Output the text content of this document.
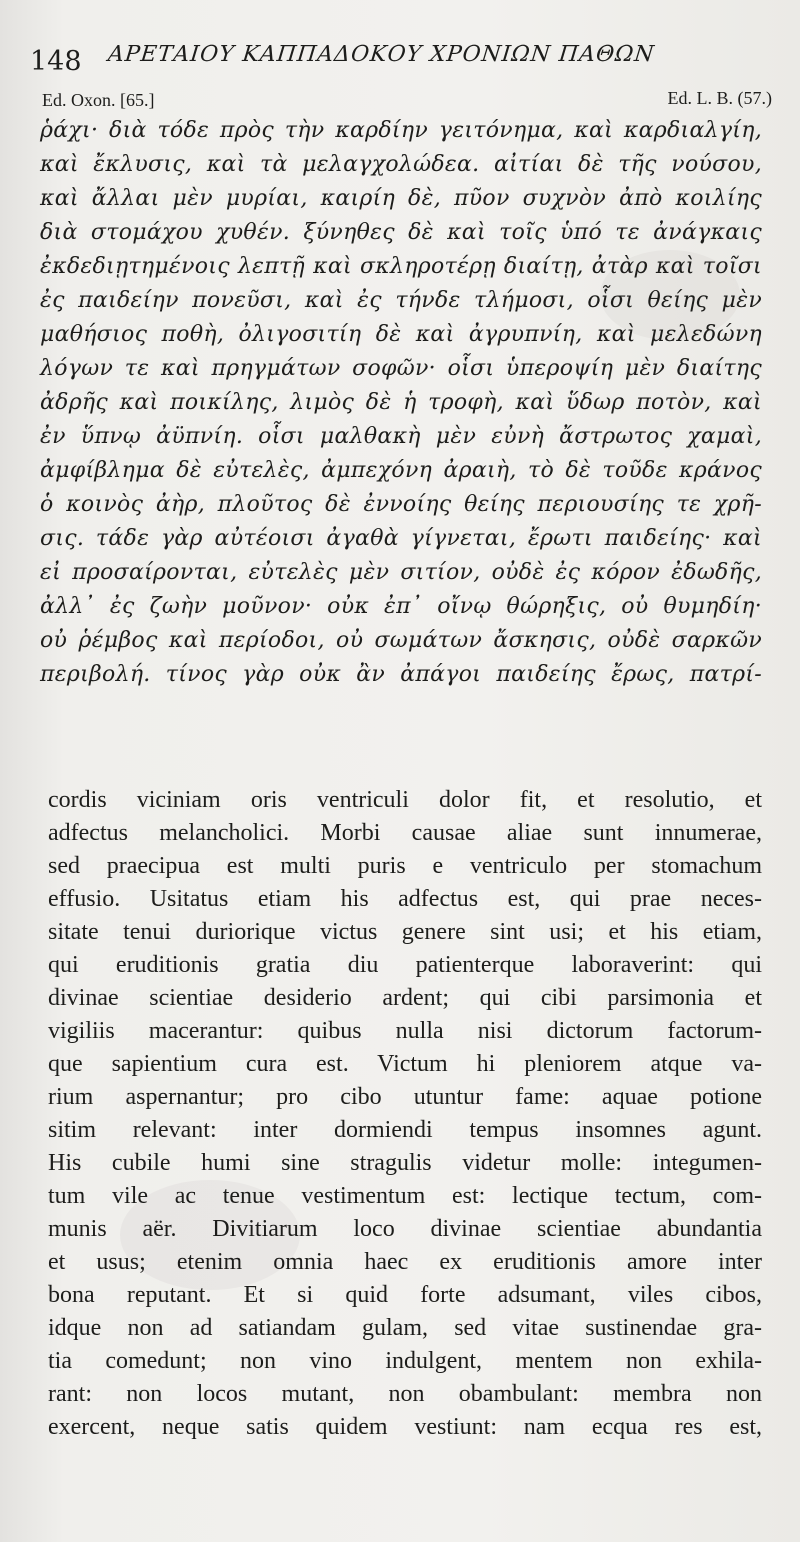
148 ΑΡΕΤΑΙΟΥ ΚΑΠΠΑΔΟΚΟΥ ΧΡΟΝΙΩΝ ΠΑΘΩΝ
Ed. Oxon. [65.]	Ed. L. B. (57.)
ῥάχι· διὰ τόδε πρὸς τὴν καρδίην γειτόνημα, καὶ καρδιαλγίη,
καὶ ἔκλυσις, καὶ τὰ μελαγχολώδεα. αἰτίαι δὲ τῆς νούσου,
καὶ ἄλλαι μὲν μυρίαι, καιρίη δὲ, πῦον συχνὸν ἀπὸ κοιλίης
διὰ στομάχου χυθέν. ξύνηθες δὲ καὶ τοῖς ὑπό τε ἀνάγκαις
ἐκδεδιῃτημένοις λεπτῇ καὶ σκληροτέρῃ διαίτῃ, ἀτὰρ καὶ τοῖσι
ἐς παιδείην πονεῦσι, καὶ ἐς τήνδε τλήμοσι, οἷσι θείης μὲν
μαθήσιος ποθὴ, ὀλιγοσιτίη δὲ καὶ ἀγρυπνίη, καὶ μελεδώνη
λόγων τε καὶ πρηγμάτων σοφῶν· οἷσι ὑπεροψίη μὲν διαίτης
ἀδρῆς καὶ ποικίλης, λιμὸς δὲ ἡ τροφὴ, καὶ ὕδωρ ποτὸν, καὶ
ἐν ὕπνῳ ἀϋπνίη. οἷσι μαλθακὴ μὲν εὐνὴ ἄστρωτος χαμαὶ,
ἀμφίβλημα δὲ εὐτελὲς, ἀμπεχόνη ἀραιὴ, τὸ δὲ τοῦδε κράνος
ὁ κοινὸς ἀὴρ, πλοῦτος δὲ ἐννοίης θείης περιουσίης τε χρῆ-
σις. τάδε γὰρ αὐτέοισι ἀγαθὰ γίγνεται, ἔρωτι παιδείης· καὶ
εἰ προσαίρονται, εὐτελὲς μὲν σιτίον, οὐδὲ ἐς κόρον ἐδωδῆς,
ἀλλ᾽ ἐς ζωὴν μοῦνον· οὐκ ἐπ᾽ οἴνῳ θώρηξις, οὐ θυμηδίη·
οὐ ῥέμβος καὶ περίοδοι, οὐ σωμάτων ἄσκησις, οὐδὲ σαρκῶν
περιβολή. τίνος γὰρ οὐκ ἂν ἀπάγοι παιδείης ἔρως, πατρί-
cordis viciniam oris ventriculi dolor fit, et resolutio, et
adfectus melancholici. Morbi causae aliae sunt innumerae,
sed praecipua est multi puris e ventriculo per stomachum
effusio. Usitatus etiam his adfectus est, qui prae neces-
sitate tenui duriorique victus genere sint usi; et his etiam,
qui eruditionis gratia diu patienterque laboraverint: qui
divinae scientiae desiderio ardent; qui cibi parsimonia et
vigiliis macerantur: quibus nulla nisi dictorum factorum-
que sapientium cura est. Victum hi pleniorem atque va-
rium aspernantur; pro cibo utuntur fame: aquae potione
sitim relevant: inter dormiendi tempus insomnes agunt.
His cubile humi sine stragulis videtur molle: integumen-
tum vile ac tenue vestimentum est: lectique tectum, com-
munis aër. Divitiarum loco divinae scientiae abundantia
et usus; etenim omnia haec ex eruditionis amore inter
bona reputant. Et si quid forte adsumant, viles cibos,
idque non ad satiandam gulam, sed vitae sustinendae gra-
tia comedunt; non vino indulgent, mentem non exhila-
rant: non locos mutant, non obambulant: membra non
exercent, neque satis quidem vestiunt: nam ecqua res est,
